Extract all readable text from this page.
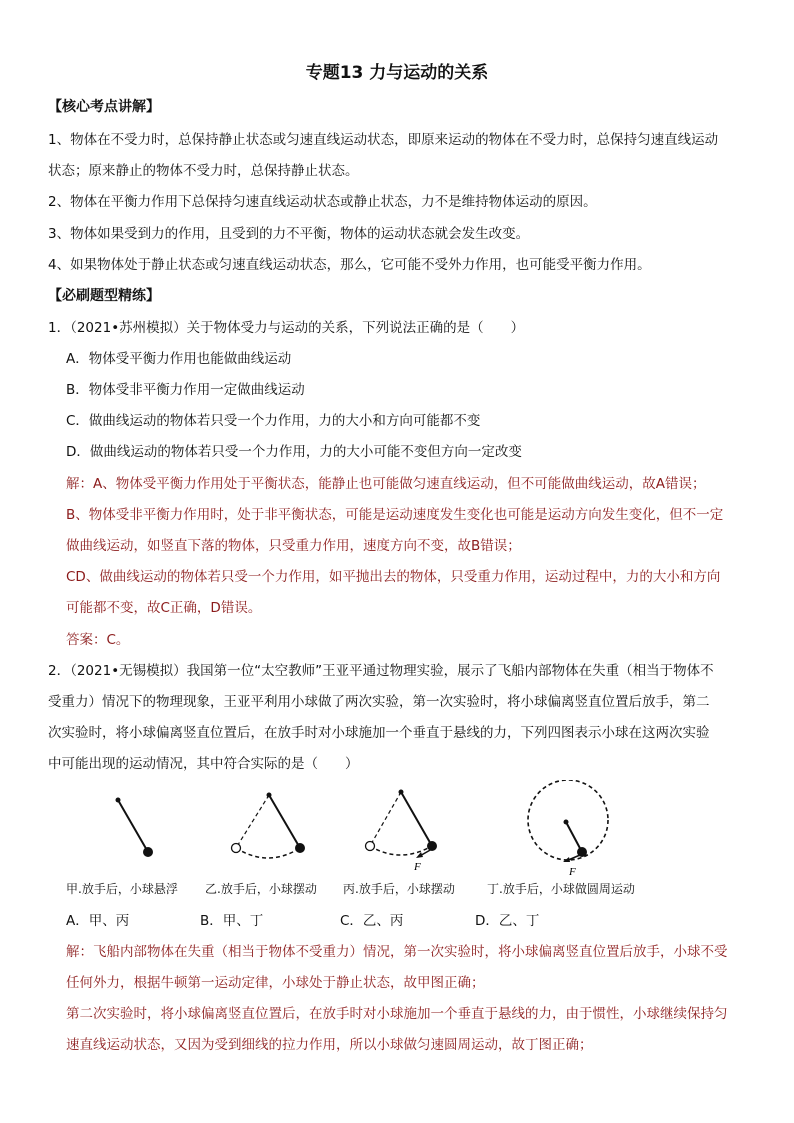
专题13 力与运动的关系
【核心考点讲解】
1、物体在不受力时，总保持静止状态或匀速直线运动状态，即原来运动的物体在不受力时，总保持匀速直线运动
状态；原来静止的物体不受力时，总保持静止状态。
2、物体在平衡力作用下总保持匀速直线运动状态或静止状态，力不是维持物体运动的原因。
3、物体如果受到力的作用，且受到的力不平衡，物体的运动状态就会发生改变。
4、如果物体处于静止状态或匀速直线运动状态，那么，它可能不受外力作用，也可能受平衡力作用。
【必刷题型精练】
1．（2021•苏州模拟）关于物体受力与运动的关系，下列说法正确的是（　　）
A．物体受平衡力作用也能做曲线运动
B．物体受非平衡力作用一定做曲线运动
C．做曲线运动的物体若只受一个力作用，力的大小和方向可能都不变
D．做曲线运动的物体若只受一个力作用，力的大小可能不变但方向一定改变
解：A、物体受平衡力作用处于平衡状态，能静止也可能做匀速直线运动，但不可能做曲线运动，故A错误；
B、物体受非平衡力作用时，处于非平衡状态，可能是运动速度发生变化也可能是运动方向发生变化，但不一定
做曲线运动，如竖直下落的物体，只受重力作用，速度方向不变，故B错误；
CD、做曲线运动的物体若只受一个力作用，如平抛出去的物体，只受重力作用，运动过程中，力的大小和方向
可能都不变，故C正确，D错误。
答案：C。
2．（2021•无锡模拟）我国第一位“太空教师”王亚平通过物理实验，展示了飞船内部物体在失重（相当于物体不
受重力）情况下的物理现象，王亚平利用小球做了两次实验，第一次实验时，将小球偏离竖直位置后放手，第二
次实验时，将小球偏离竖直位置后，在放手时对小球施加一个垂直于悬线的力，下列四图表示小球在这两次实验
中可能出现的运动情况，其中符合实际的是（　　）
F	F
甲.放手后，小球悬浮 乙.放手后，小球摆动 丙.放手后，小球摆动	丁.放手后，小球做圆周运动
A．甲、丙	B．甲、丁	C．乙、丙	D．乙、丁
解：飞船内部物体在失重（相当于物体不受重力）情况，第一次实验时，将小球偏离竖直位置后放手，小球不受
任何外力，根据牛顿第一运动定律，小球处于静止状态，故甲图正确；
第二次实验时，将小球偏离竖直位置后，在放手时对小球施加一个垂直于悬线的力，由于惯性，小球继续保持匀
速直线运动状态，又因为受到细线的拉力作用，所以小球做匀速圆周运动，故丁图正确；
